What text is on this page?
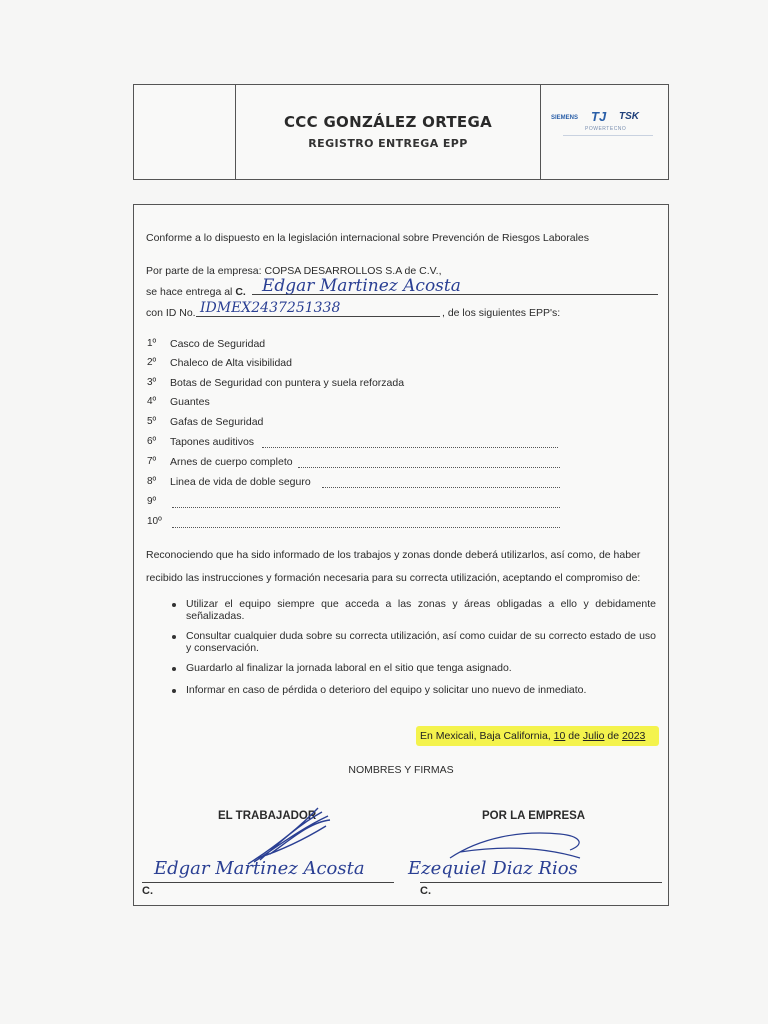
CCC GONZÁLEZ ORTEGA
REGISTRO ENTREGA EPP
SIEMENS TJ TSK
POWERTECNO
Conforme a lo dispuesto en la legislación internacional sobre Prevención de Riesgos Laborales
Por parte de la empresa: COPSA DESARROLLOS S.A de C.V.,
se hace entrega al C. Edgar Martinez Acosta
con ID No. IDMEX2437251338	, de los siguientes EPP's:
1º Casco de Seguridad
2º Chaleco de Alta visibilidad
3º Botas de Seguridad con puntera y suela reforzada
4º Guantes
5º Gafas de Seguridad
6º Tapones auditivos
7º Arnes de cuerpo completo
8º Linea de vida de doble seguro
9º
10º
Reconociendo que ha sido informado de los trabajos y zonas donde deberá utilizarlos, así como, de haber
recibido las instrucciones y formación necesaria para su correcta utilización, aceptando el compromiso de:
Utilizar el equipo siempre que acceda a las zonas y áreas obligadas a ello y debidamente señalizadas.
Consultar cualquier duda sobre su correcta utilización, así como cuidar de su correcto estado de uso y conservación.
Guardarlo al finalizar la jornada laboral en el sitio que tenga asignado.
Informar en caso de pérdida o deterioro del equipo y solicitar uno nuevo de inmediato.
En Mexicali, Baja California, 10 de Julio de 2023
NOMBRES Y FIRMAS
EL TRABAJADOR	POR LA EMPRESA
Edgar Martinez Acosta Ezequiel Diaz Rios
C.	C.
